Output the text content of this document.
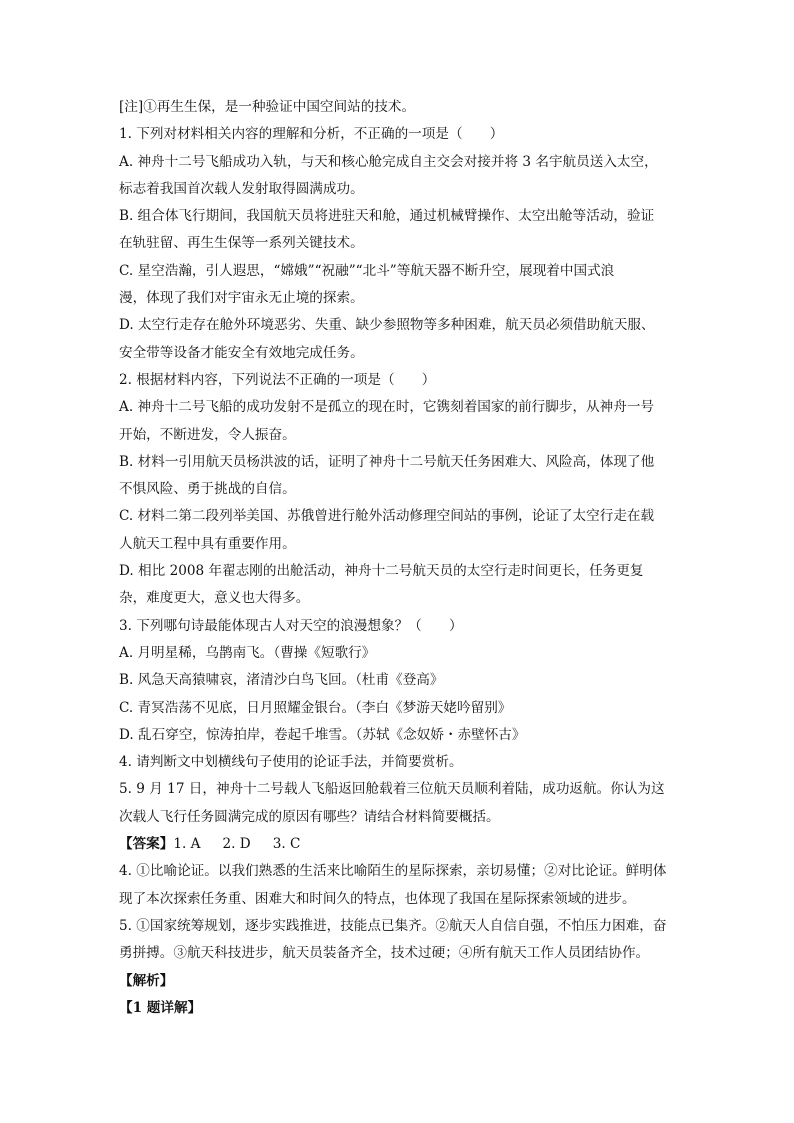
[注]①再生生保，是一种验证中国空间站的技术。
1. 下列对材料相关内容的理解和分析，不正确的一项是（　　）
A. 神舟十二号飞船成功入轨，与天和核心舱完成自主交会对接并将 3 名宇航员送入太空，
标志着我国首次载人发射取得圆满成功。
B. 组合体飞行期间，我国航天员将进驻天和舱，通过机械臂操作、太空出舱等活动，验证
在轨驻留、再生生保等一系列关键技术。
C. 星空浩瀚，引人遐思，“嫦娥”“祝融”“北斗”等航天器不断升空，展现着中国式浪
漫，体现了我们对宇宙永无止境的探索。
D. 太空行走存在舱外环境恶劣、失重、缺少参照物等多种困难，航天员必须借助航天服、
安全带等设备才能安全有效地完成任务。
2. 根据材料内容，下列说法不正确的一项是（　　）
A. 神舟十二号飞船的成功发射不是孤立的现在时，它镌刻着国家的前行脚步，从神舟一号
开始，不断进发，令人振奋。
B. 材料一引用航天员杨洪波的话，证明了神舟十二号航天任务困难大、风险高，体现了他
不惧风险、勇于挑战的自信。
C. 材料二第二段列举美国、苏俄曾进行舱外活动修理空间站的事例，论证了太空行走在载
人航天工程中具有重要作用。
D. 相比 2008 年翟志刚的出舱活动，神舟十二号航天员的太空行走时间更长，任务更复
杂，难度更大，意义也大得多。
3. 下列哪句诗最能体现古人对天空的浪漫想象？（　　）
A. 月明星稀，乌鹊南飞。（曹操《短歌行》
B. 风急天高猿啸哀，渚清沙白鸟飞回。（杜甫《登高》
C. 青冥浩荡不见底，日月照耀金银台。（李白《梦游天姥吟留别》
D. 乱石穿空，惊涛拍岸，卷起千堆雪。（苏轼《念奴娇・赤壁怀古》
4. 请判断文中划横线句子使用的论证手法，并简要赏析。
5. 9 月 17 日，神舟十二号载人飞船返回舱载着三位航天员顺利着陆，成功返航。你认为这
次载人飞行任务圆满完成的原因有哪些？请结合材料简要概括。
【答案】1. A 2. D 3. C
4. ①比喻论证。以我们熟悉的生活来比喻陌生的星际探索，亲切易懂；②对比论证。鲜明体
现了本次探索任务重、困难大和时间久的特点，也体现了我国在星际探索领域的进步。
5. ①国家统筹规划，逐步实践推进，技能点已集齐。②航天人自信自强，不怕压力困难，奋
勇拼搏。③航天科技进步，航天员装备齐全，技术过硬；④所有航天工作人员团结协作。
【解析】
【1 题详解】
